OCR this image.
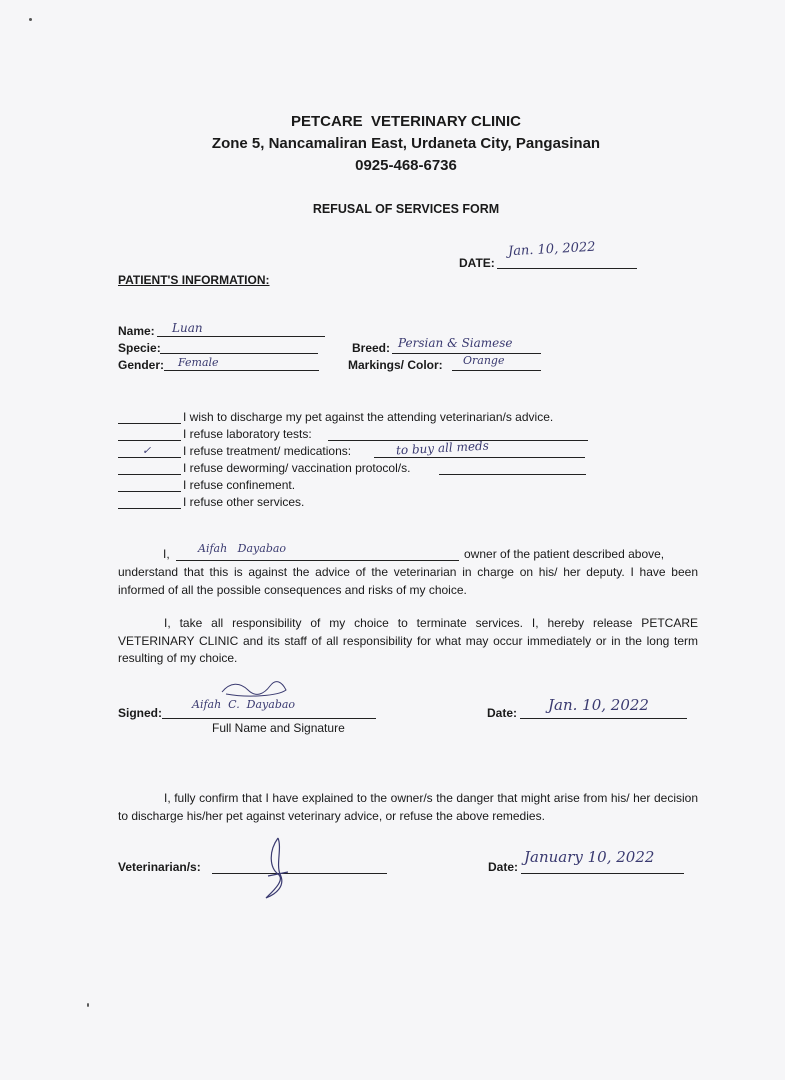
PETCARE  VETERINARY CLINIC
Zone 5, Nancamaliran East, Urdaneta City, Pangasinan
0925-468-6736
REFUSAL OF SERVICES FORM
DATE:
Jan. 10, 2022
PATIENT'S INFORMATION:
Name: Luan
Specie:
Gender: Female
Breed: Persian & Siamese
Markings/ Color: Orange
I wish to discharge my pet against the attending veterinarian/s advice.
I refuse laboratory tests:
✓	I refuse treatment/ medications:	to buy all meds
I refuse deworming/ vaccination protocol/s.
I refuse confinement.
I refuse other services.
I,	Aifah   Dayabao	owner of the patient described above,
understand that this is against the advice of the veterinarian in charge on his/ her deputy. I have been informed of all the possible consequences and risks of my choice.
I, take all responsibility of my choice to terminate services. I, hereby release PETCARE VETERINARY CLINIC and its staff of all responsibility for what may occur immediately or in the long term resulting of my choice.
Signed:
Aifah  C.  Dayabao
Full Name and Signature
Date: Jan. 10, 2022
I, fully confirm that I have explained to the owner/s the danger that might arise from his/ her decision to discharge his/her pet against veterinary advice, or refuse the above remedies.
Veterinarian/s:	Date:
January 10, 2022
